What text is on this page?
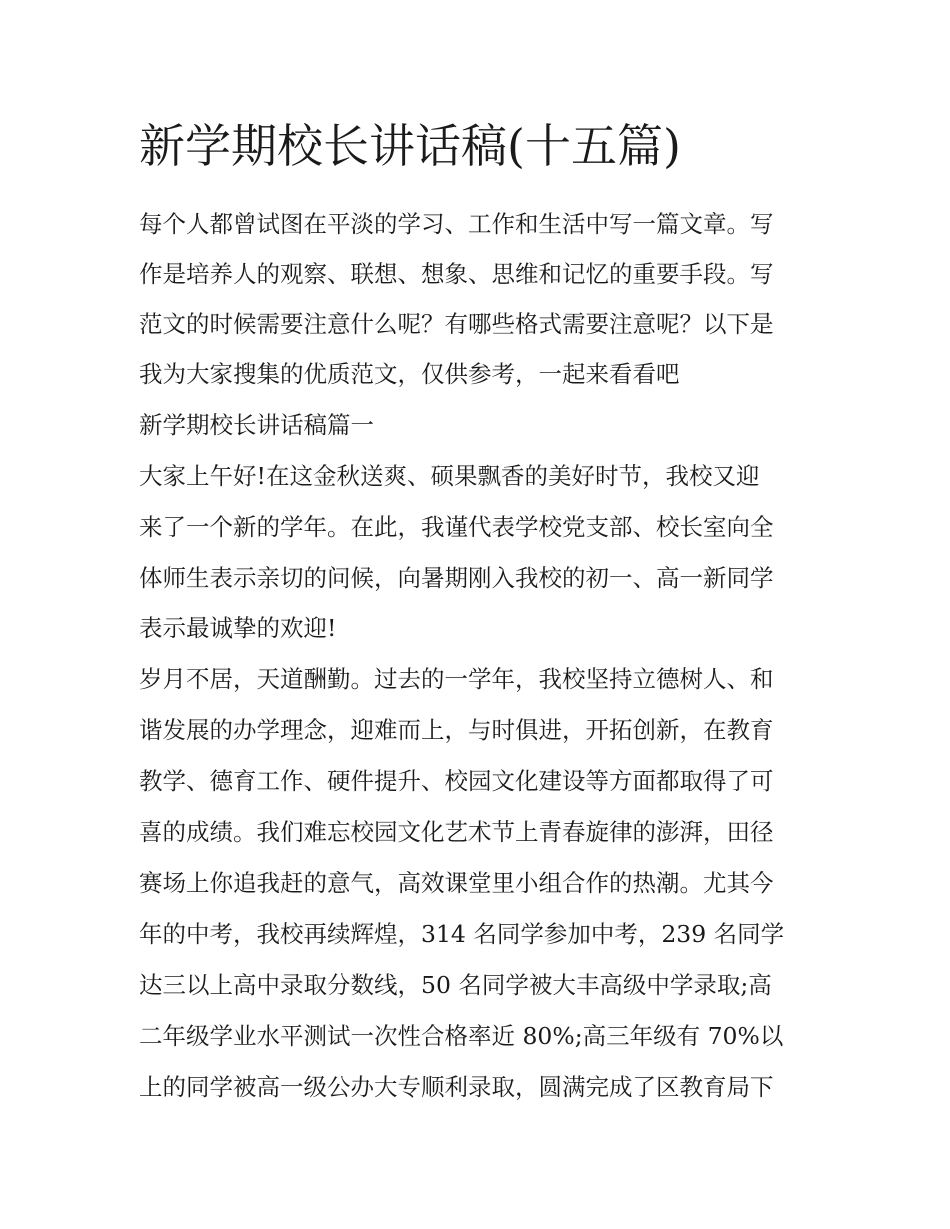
新学期校长讲话稿(十五篇)
每个人都曾试图在平淡的学习、工作和生活中写一篇文章。写
作是培养人的观察、联想、想象、思维和记忆的重要手段。写
范文的时候需要注意什么呢？有哪些格式需要注意呢？以下是
我为大家搜集的优质范文，仅供参考，一起来看看吧
新学期校长讲话稿篇一
大家上午好!在这金秋送爽、硕果飘香的美好时节，我校又迎
来了一个新的学年。在此，我谨代表学校党支部、校长室向全
体师生表示亲切的问候，向暑期刚入我校的初一、高一新同学
表示最诚挚的欢迎!
岁月不居，天道酬勤。过去的一学年，我校坚持立德树人、和
谐发展的办学理念，迎难而上，与时俱进，开拓创新，在教育
教学、德育工作、硬件提升、校园文化建设等方面都取得了可
喜的成绩。我们难忘校园文化艺术节上青春旋律的澎湃，田径
赛场上你追我赶的意气，高效课堂里小组合作的热潮。尤其今
年的中考，我校再续辉煌，314 名同学参加中考，239 名同学
达三以上高中录取分数线，50 名同学被大丰高级中学录取;高
二年级学业水平测试一次性合格率近 80%;高三年级有 70%以
上的同学被高一级公办大专顺利录取，圆满完成了区教育局下
